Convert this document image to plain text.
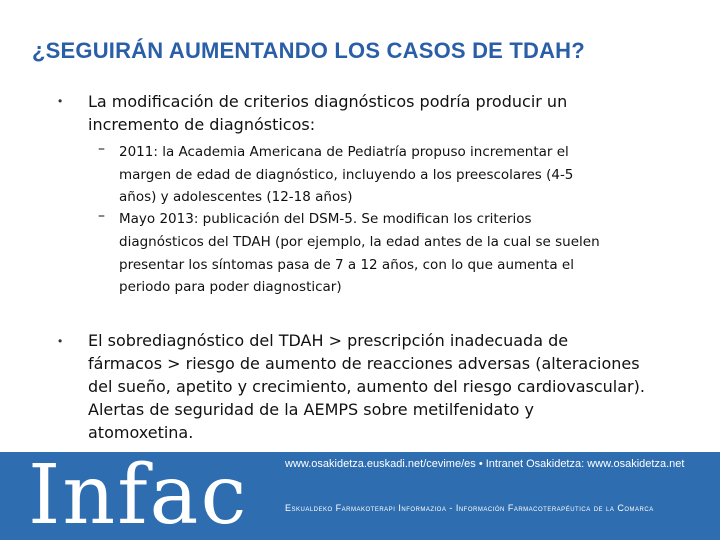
¿SEGUIRÁN AUMENTANDO LOS CASOS DE TDAH?
• La modificación de criterios diagnósticos podría producir un
incremento de diagnósticos:
– 2011: la Academia Americana de Pediatría propuso incrementar el
margen de edad de diagnóstico, incluyendo a los preescolares (4-5
años) y adolescentes (12-18 años)
– Mayo 2013: publicación del DSM-5. Se modifican los criterios
diagnósticos del TDAH (por ejemplo, la edad antes de la cual se suelen
presentar los síntomas pasa de 7 a 12 años, con lo que aumenta el
periodo para poder diagnosticar)
• El sobrediagnóstico del TDAH > prescripción inadecuada de
fármacos > riesgo de aumento de reacciones adversas (alteraciones
del sueño, apetito y crecimiento, aumento del riesgo cardiovascular).
Alertas de seguridad de la AEMPS sobre metilfenidato y
atomoxetina.
Infac	www.osakidetza.euskadi.net/cevime/es • Intranet Osakidetza: www.osakidetza.net
Eskualdeko Farmakoterapi Informazioa - Información Farmacoterapéutica de la Comarca
